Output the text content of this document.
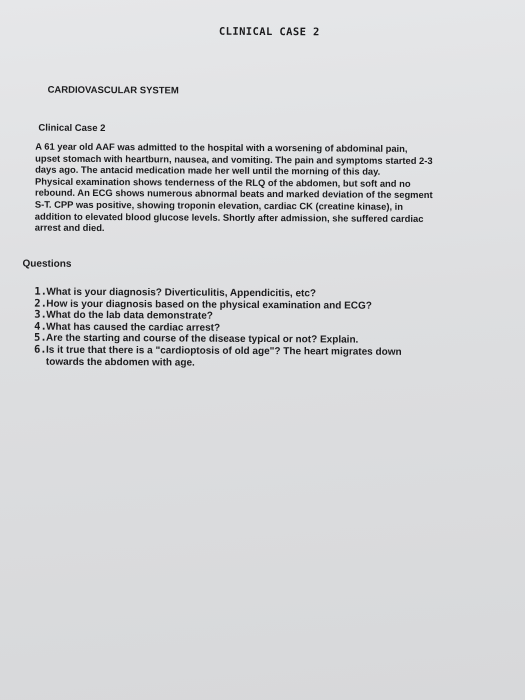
CLINICAL CASE 2
CARDIOVASCULAR SYSTEM
Clinical Case 2
A 61 year old AAF was admitted to the hospital with a worsening of abdominal pain,
upset stomach with heartburn, nausea, and vomiting. The pain and symptoms started 2-3
days ago. The antacid medication made her well until the morning of this day.
Physical examination shows tenderness of the RLQ of the abdomen, but soft and no
rebound. An ECG shows numerous abnormal beats and marked deviation of the segment
S-T. CPP was positive, showing troponin elevation, cardiac CK (creatine kinase), in
addition to elevated blood glucose levels. Shortly after admission, she suffered cardiac
arrest and died.
Questions
1. What is your diagnosis? Diverticulitis, Appendicitis, etc?
2. How is your diagnosis based on the physical examination and ECG?
3. What do the lab data demonstrate?
4. What has caused the cardiac arrest?
5. Are the starting and course of the disease typical or not? Explain.
6. Is it true that there is a "cardioptosis of old age"? The heart migrates down
towards the abdomen with age.
